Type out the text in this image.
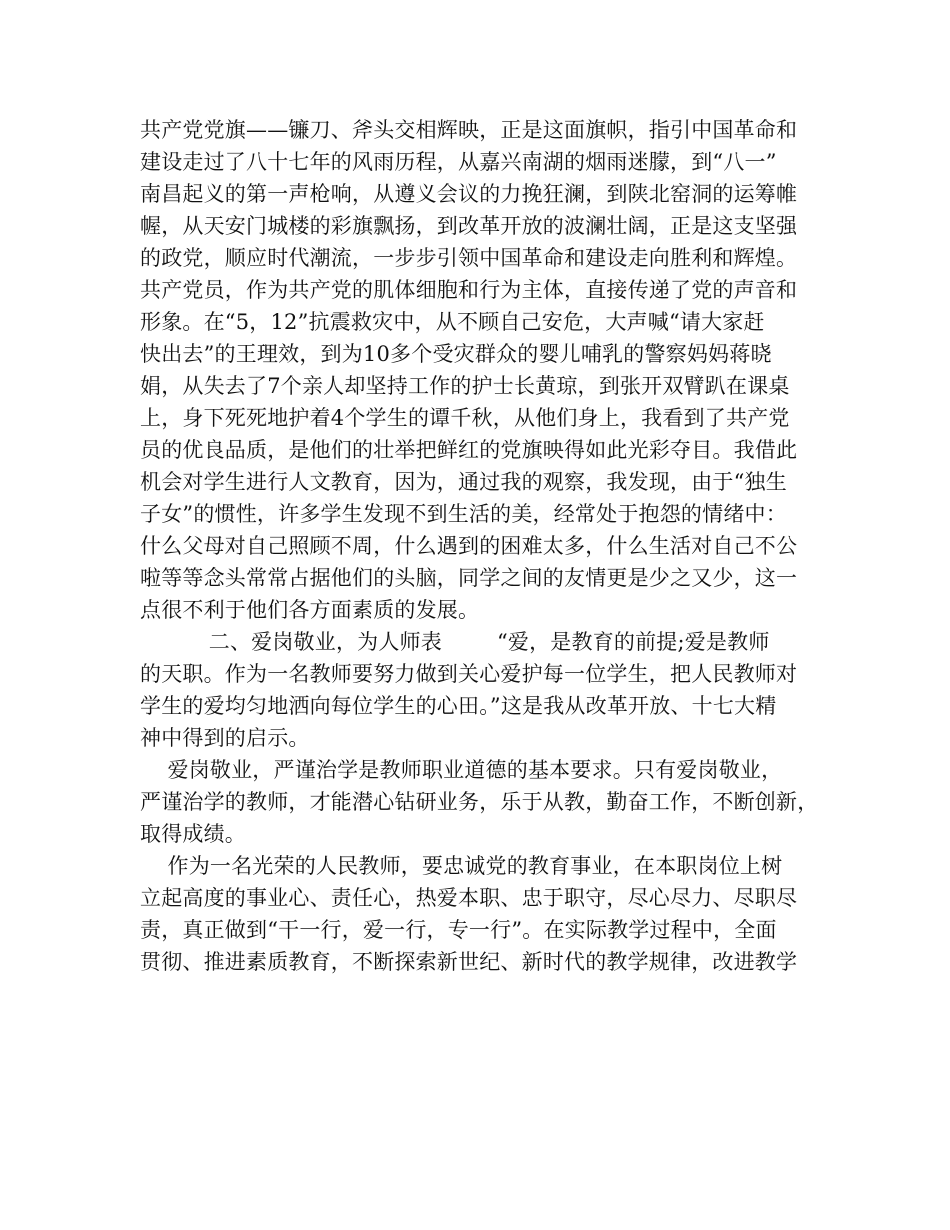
共产党党旗——镰刀、斧头交相辉映，正是这面旗帜，指引中国革命和
建设走过了八十七年的风雨历程，从嘉兴南湖的烟雨迷朦，到“八一”
南昌起义的第一声枪响，从遵义会议的力挽狂澜，到陕北窑洞的运筹帷
幄，从天安门城楼的彩旗飘扬，到改革开放的波澜壮阔，正是这支坚强
的政党，顺应时代潮流，一步步引领中国革命和建设走向胜利和辉煌。
共产党员，作为共产党的肌体细胞和行为主体，直接传递了党的声音和
形象。在“5，12”抗震救灾中，从不顾自己安危，大声喊“请大家赶
快出去”的王理效，到为10多个受灾群众的婴儿哺乳的警察妈妈蒋晓
娟，从失去了7个亲人却坚持工作的护士长黄琼，到张开双臂趴在课桌
上，身下死死地护着4个学生的谭千秋，从他们身上，我看到了共产党
员的优良品质，是他们的壮举把鲜红的党旗映得如此光彩夺目。我借此
机会对学生进行人文教育，因为，通过我的观察，我发现，由于“独生
子女”的惯性，许多学生发现不到生活的美，经常处于抱怨的情绪中：
什么父母对自己照顾不周，什么遇到的困难太多，什么生活对自己不公
啦等等念头常常占据他们的头脑，同学之间的友情更是少之又少，这一
点很不利于他们各方面素质的发展。
二、爱岗敬业，为人师表        “爱，是教育的前提;爱是教师
的天职。作为一名教师要努力做到关心爱护每一位学生，把人民教师对
学生的爱均匀地洒向每位学生的心田。”这是我从改革开放、十七大精
神中得到的启示。
爱岗敬业，严谨治学是教师职业道德的基本要求。只有爱岗敬业，
严谨治学的教师，才能潜心钻研业务，乐于从教，勤奋工作，不断创新，
取得成绩。
作为一名光荣的人民教师，要忠诚党的教育事业，在本职岗位上树
立起高度的事业心、责任心，热爱本职、忠于职守，尽心尽力、尽职尽
责，真正做到“干一行，爱一行，专一行”。在实际教学过程中，全面
贯彻、推进素质教育，不断探索新世纪、新时代的教学规律，改进教学
